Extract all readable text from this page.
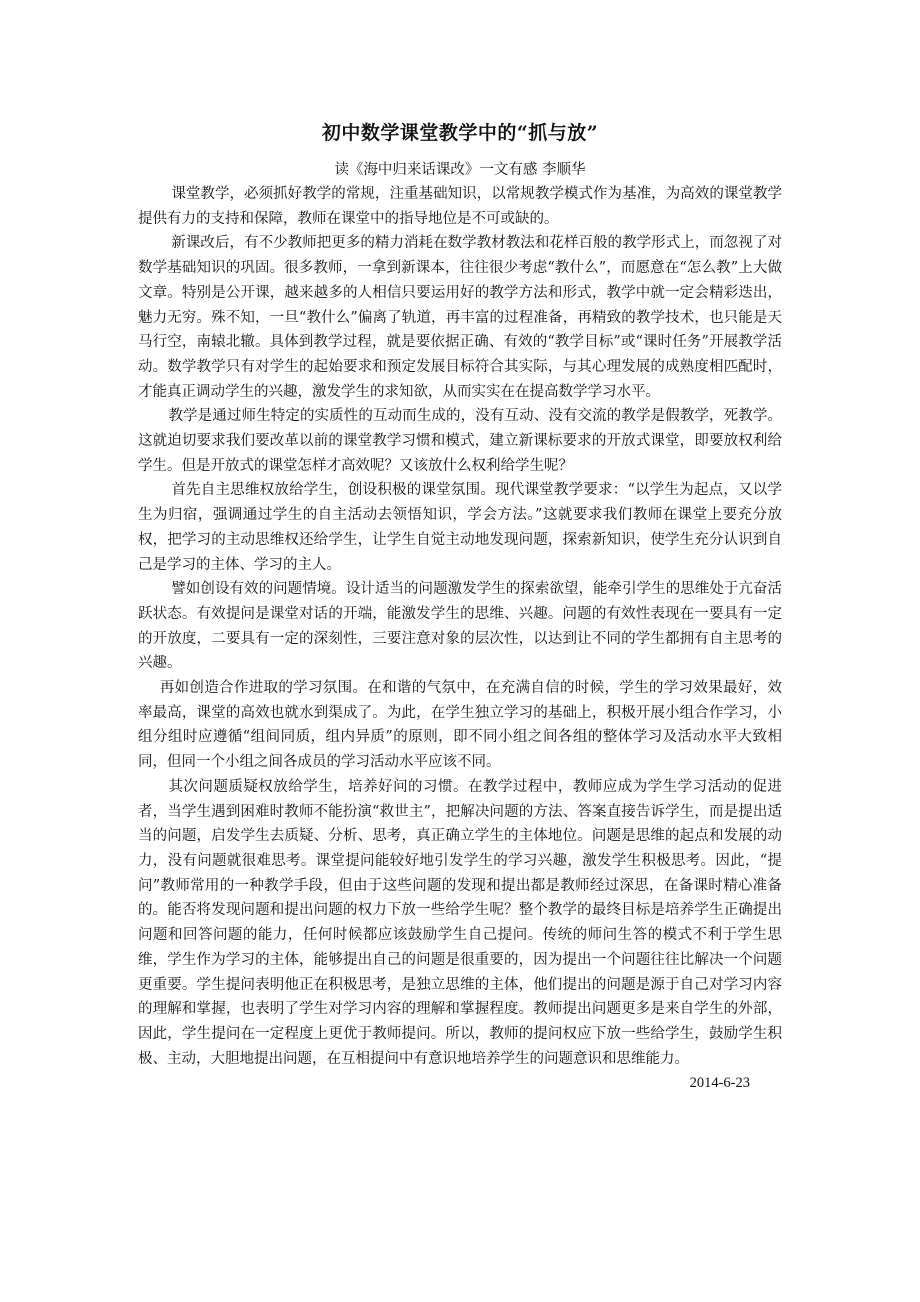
初中数学课堂教学中的“抓与放”

读《海中归来话课改》一文有感 李顺华

课堂教学，必须抓好教学的常规，注重基础知识，以常规教学模式作为基准，为高效的课堂教学提供有力的支持和保障，教师在课堂中的指导地位是不可或缺的。

新课改后，有不少教师把更多的精力消耗在数学教材教法和花样百般的教学形式上，而忽视了对数学基础知识的巩固。很多教师，一拿到新课本，往往很少考虑“教什么”，而愿意在“怎么教”上大做文章。特别是公开课，越来越多的人相信只要运用好的教学方法和形式，教学中就一定会精彩迭出，魅力无穷。殊不知，一旦“教什么”偏离了轨道，再丰富的过程准备，再精致的教学技术，也只能是天马行空，南辕北辙。具体到教学过程，就是要依据正确、有效的“教学目标”或“课时任务”开展教学活动。数学教学只有对学生的起始要求和预定发展目标符合其实际，与其心理发展的成熟度相匹配时，才能真正调动学生的兴趣，激发学生的求知欲，从而实实在在提高数学学习水平。

教学是通过师生特定的实质性的互动而生成的，没有互动、没有交流的教学是假教学，死教学。这就迫切要求我们要改革以前的课堂教学习惯和模式，建立新课标要求的开放式课堂，即要放权利给学生。但是开放式的课堂怎样才高效呢？又该放什么权利给学生呢？

首先自主思维权放给学生，创设积极的课堂氛围。现代课堂教学要求：“以学生为起点，又以学生为归宿，强调通过学生的自主活动去领悟知识，学会方法。”这就要求我们教师在课堂上要充分放权，把学习的主动思维权还给学生，让学生自觉主动地发现问题，探索新知识，使学生充分认识到自己是学习的主体、学习的主人。

譬如创设有效的问题情境。设计适当的问题激发学生的探索欲望，能牵引学生的思维处于亢奋活跃状态。有效提问是课堂对话的开端，能激发学生的思维、兴趣。问题的有效性表现在一要具有一定的开放度，二要具有一定的深刻性，三要注意对象的层次性，以达到让不同的学生都拥有自主思考的兴趣。

再如创造合作进取的学习氛围。在和谐的气氛中，在充满自信的时候，学生的学习效果最好，效率最高，课堂的高效也就水到渠成了。为此，在学生独立学习的基础上，积极开展小组合作学习，小组分组时应遵循“组间同质，组内异质”的原则，即不同小组之间各组的整体学习及活动水平大致相同，但同一个小组之间各成员的学习活动水平应该不同。

其次问题质疑权放给学生，培养好问的习惯。在教学过程中，教师应成为学生学习活动的促进者，当学生遇到困难时教师不能扮演“救世主”，把解决问题的方法、答案直接告诉学生，而是提出适当的问题，启发学生去质疑、分析、思考，真正确立学生的主体地位。问题是思维的起点和发展的动力，没有问题就很难思考。课堂提问能较好地引发学生的学习兴趣，激发学生积极思考。因此，“提问”教师常用的一种教学手段，但由于这些问题的发现和提出都是教师经过深思，在备课时精心准备的。能否将发现问题和提出问题的权力下放一些给学生呢？整个教学的最终目标是培养学生正确提出问题和回答问题的能力，任何时候都应该鼓励学生自己提问。传统的师问生答的模式不利于学生思维，学生作为学习的主体，能够提出自己的问题是很重要的，因为提出一个问题往往比解决一个问题更重要。学生提问表明他正在积极思考，是独立思维的主体，他们提出的问题是源于自己对学习内容的理解和掌握，也表明了学生对学习内容的理解和掌握程度。教师提出问题更多是来自学生的外部，因此，学生提问在一定程度上更优于教师提问。所以，教师的提问权应下放一些给学生，鼓励学生积极、主动，大胆地提出问题，在互相提问中有意识地培养学生的问题意识和思维能力。

2014-6-23
